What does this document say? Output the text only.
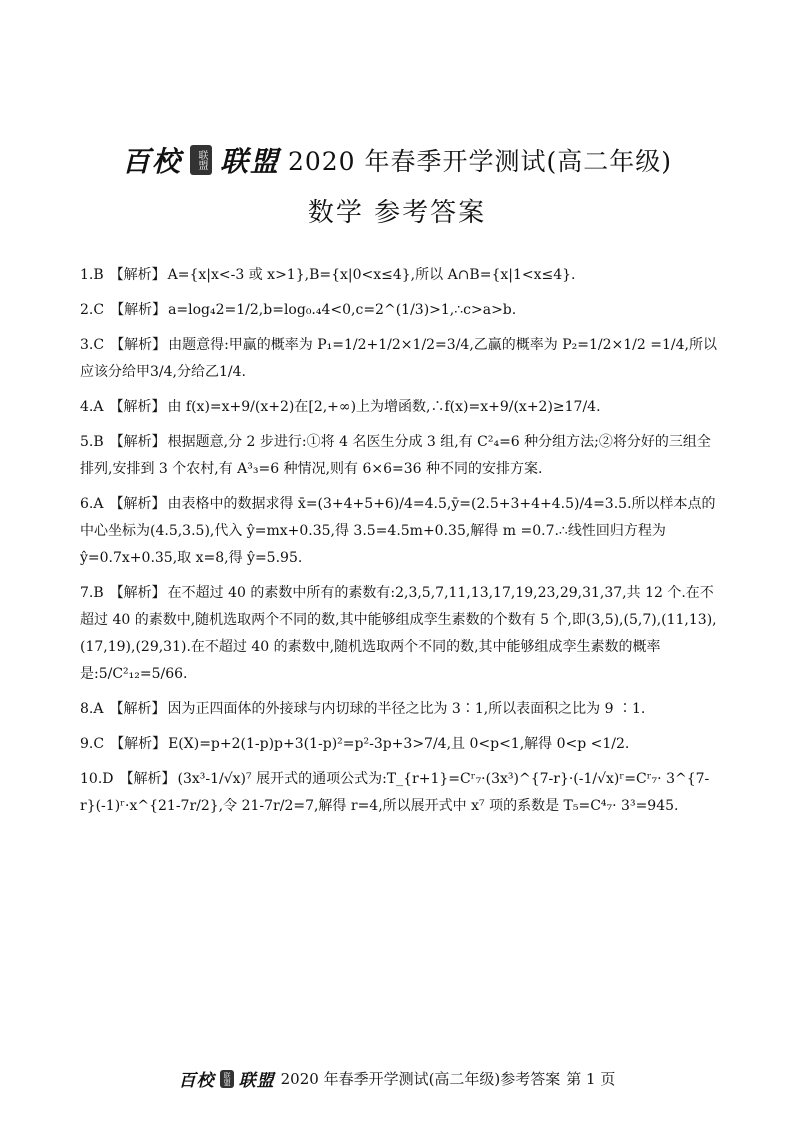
百校	联盟 联盟 2020 年春季开学测试(高二年级)
数学 参考答案
1.B 【解析】 A={x|x<-3 或 x>1},B={x|0<x≤4},所以 A∩B={x|1<x≤4}.
2.C 【解析】 a=log₄2=1/2,b=log₀.₄4<0,c=2^(1/3)>1,∴c>a>b.
3.C 【解析】 由题意得:甲赢的概率为 P₁=1/2+1/2×1/2=3/4,乙赢的概率为 P₂=1/2×1/2 =1/4,所以应该分给甲3/4,分给乙1/4.
4.A 【解析】 由 f(x)=x+9/(x+2)在[2,+∞)上为增函数,∴f(x)=x+9/(x+2)≥17/4.
5.B 【解析】 根据题意,分 2 步进行:①将 4 名医生分成 3 组,有 C²₄=6 种分组方法;②将分好的三组全排列,安排到 3 个农村,有 A³₃=6 种情况,则有 6×6=36 种不同的安排方案.
6.A 【解析】 由表格中的数据求得 x̄=(3+4+5+6)/4=4.5,ȳ=(2.5+3+4+4.5)/4=3.5.所以样本点的中心坐标为(4.5,3.5),代入 ŷ=mx+0.35,得 3.5=4.5m+0.35,解得 m =0.7.∴线性回归方程为 ŷ=0.7x+0.35,取 x=8,得 ŷ=5.95.
7.B 【解析】 在不超过 40 的素数中所有的素数有:2,3,5,7,11,13,17,19,23,29,31,37,共 12 个.在不超过 40 的素数中,随机选取两个不同的数,其中能够组成孪生素数的个数有 5 个,即(3,5),(5,7),(11,13),(17,19),(29,31).在不超过 40 的素数中,随机选取两个不同的数,其中能够组成孪生素数的概率是:5/C²₁₂=5/66.
8.A 【解析】 因为正四面体的外接球与内切球的半径之比为 3∶1,所以表面积之比为 9 ∶1.
9.C 【解析】 E(X)=p+2(1-p)p+3(1-p)²=p²-3p+3>7/4,且 0<p<1,解得 0<p <1/2.
10.D 【解析】 (3x³-1/√x)⁷ 展开式的通项公式为:T_{r+1}=Cʳ₇·(3x³)^{7-r}·(-1/√x)ʳ=Cʳ₇· 3^{7-r}(-1)ʳ·x^{21-7r/2},令 21-7r/2=7,解得 r=4,所以展开式中 x⁷ 项的系数是 T₅=C⁴₇· 3³=945.
百校	联盟 联盟 2020 年春季开学测试(高二年级)参考答案 第 1 页
